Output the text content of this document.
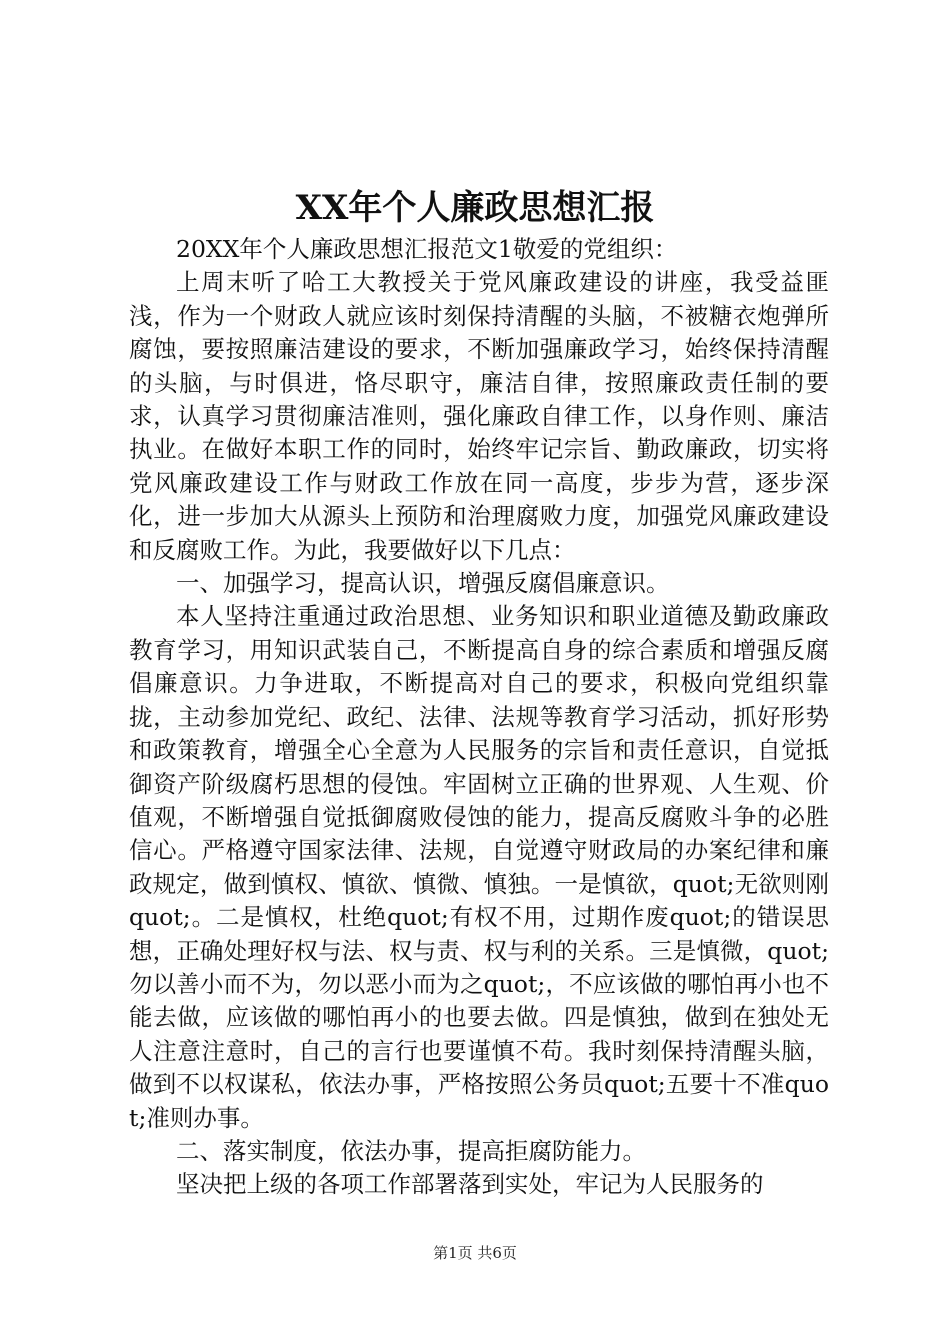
XX年个人廉政思想汇报

20XX年个人廉政思想汇报范文1敬爱的党组织：

上周末听了哈工大教授关于党风廉政建设的讲座，我受益匪浅，作为一个财政人就应该时刻保持清醒的头脑，不被糖衣炮弹所腐蚀，要按照廉洁建设的要求，不断加强廉政学习，始终保持清醒的头脑，与时俱进，恪尽职守，廉洁自律，按照廉政责任制的要求，认真学习贯彻廉洁准则，强化廉政自律工作，以身作则、廉洁执业。在做好本职工作的同时，始终牢记宗旨、勤政廉政，切实将党风廉政建设工作与财政工作放在同一高度，步步为营，逐步深化，进一步加大从源头上预防和治理腐败力度，加强党风廉政建设和反腐败工作。为此，我要做好以下几点：

一、加强学习，提高认识，增强反腐倡廉意识。

本人坚持注重通过政治思想、业务知识和职业道德及勤政廉政教育学习，用知识武装自己，不断提高自身的综合素质和增强反腐倡廉意识。力争进取，不断提高对自己的要求，积极向党组织靠拢，主动参加党纪、政纪、法律、法规等教育学习活动，抓好形势和政策教育，增强全心全意为人民服务的宗旨和责任意识，自觉抵御资产阶级腐朽思想的侵蚀。牢固树立正确的世界观、人生观、价值观，不断增强自觉抵御腐败侵蚀的能力，提高反腐败斗争的必胜信心。严格遵守国家法律、法规，自觉遵守财政局的办案纪律和廉政规定，做到慎权、慎欲、慎微、慎独。一是慎欲，quot;无欲则刚quot;。二是慎权，杜绝quot;有权不用，过期作废quot;的错误思想，正确处理好权与法、权与责、权与利的关系。三是慎微，quot;勿以善小而不为，勿以恶小而为之quot;，不应该做的哪怕再小也不能去做，应该做的哪怕再小的也要去做。四是慎独，做到在独处无人注意注意时，自己的言行也要谨慎不苟。我时刻保持清醒头脑，做到不以权谋私，依法办事，严格按照公务员quot;五要十不准quot;准则办事。

二、落实制度，依法办事，提高拒腐防能力。

坚决把上级的各项工作部署落到实处，牢记为人民服务的

第1页 共6页
